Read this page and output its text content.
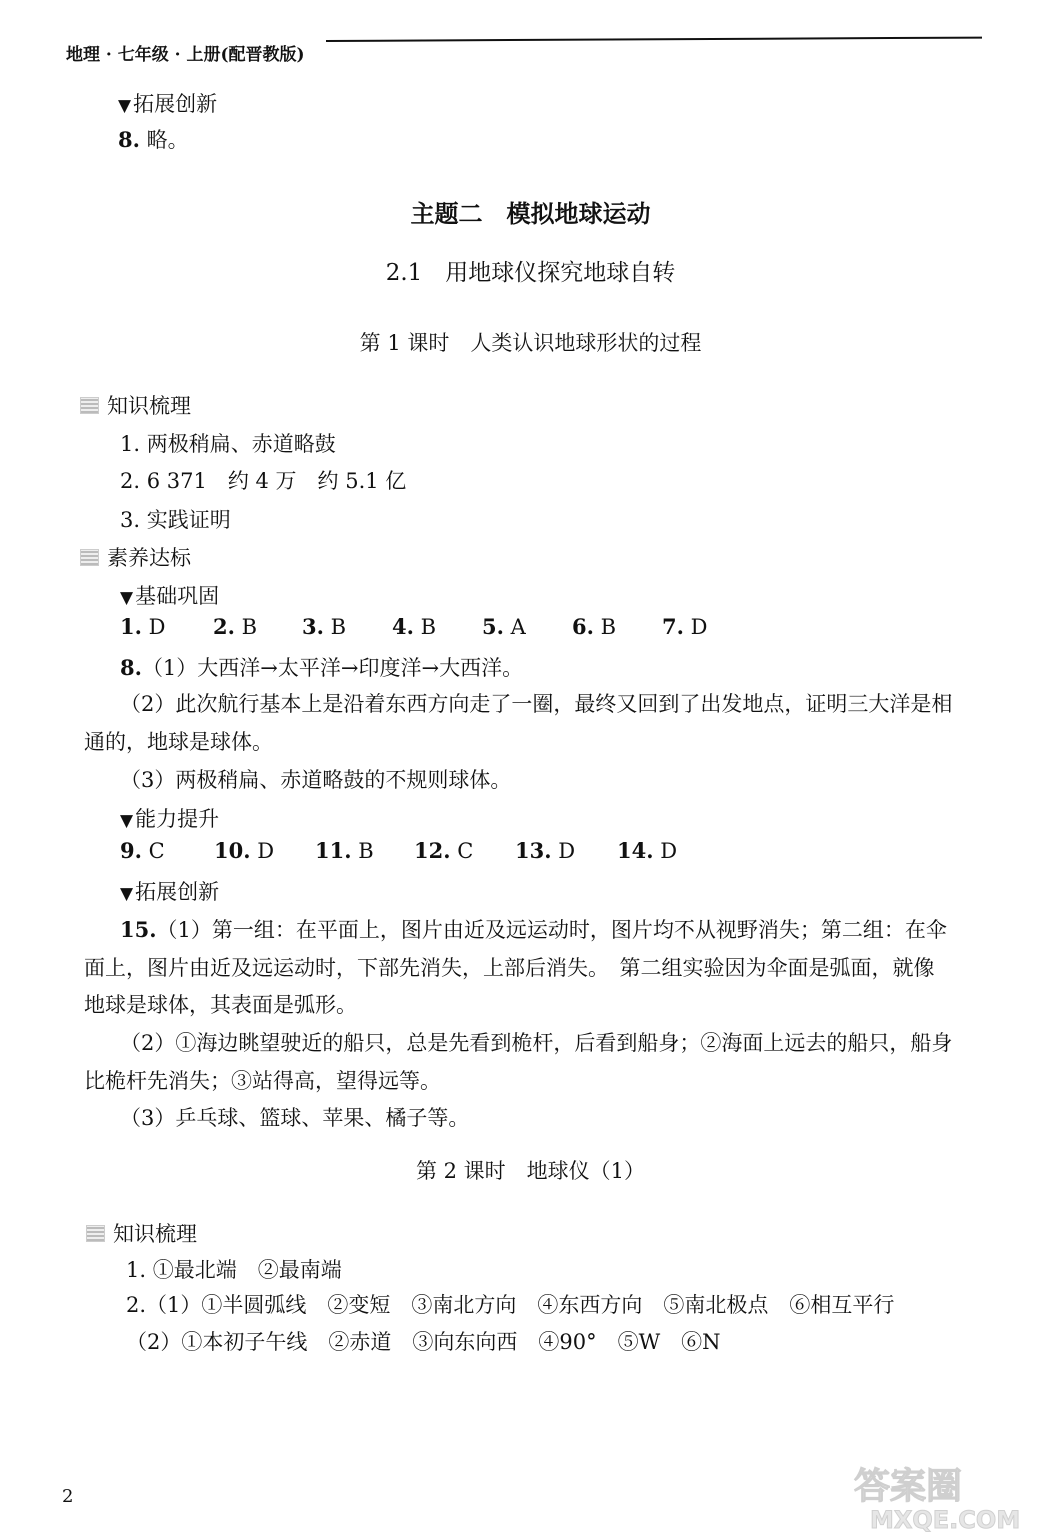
地理 · 七年级 · 上册(配晋教版)
▼ 拓展创新
8. 略。
主题二　模拟地球运动
2.1　用地球仪探究地球自转
第 1 课时　人类认识地球形状的过程
知识梳理
1. 两极稍扁、赤道略鼓
2. 6 371　约 4 万　约 5.1 亿
3. 实践证明
素养达标
▼ 基础巩固
1. D 2. B 3. B 4. B 5. A 6. B 7. D
8.（1）大西洋→太平洋→印度洋→大西洋。
（2）此次航行基本上是沿着东西方向走了一圈，最终又回到了出发地点，证明三大洋是相
通的，地球是球体。
（3）两极稍扁、赤道略鼓的不规则球体。
▼ 能力提升
9. C 10. D 11. B 12. C 13. D 14. D
▼ 拓展创新
15.（1）第一组：在平面上，图片由近及远运动时，图片均不从视野消失；第二组：在伞
面上，图片由近及远运动时，下部先消失，上部后消失。　第二组实验因为伞面是弧面，就像
地球是球体，其表面是弧形。
（2）①海边眺望驶近的船只，总是先看到桅杆，后看到船身；②海面上远去的船只，船身
比桅杆先消失；③站得高，望得远等。
（3）乒乓球、篮球、苹果、橘子等。
第 2 课时　地球仪（1）
知识梳理
1. ①最北端　②最南端
2.（1）①半圆弧线　②变短　③南北方向　④东西方向　⑤南北极点　⑥相互平行
（2）①本初子午线　②赤道　③向东向西　④90°　⑤W　⑥N
2	答案圈
MXQE.COM
